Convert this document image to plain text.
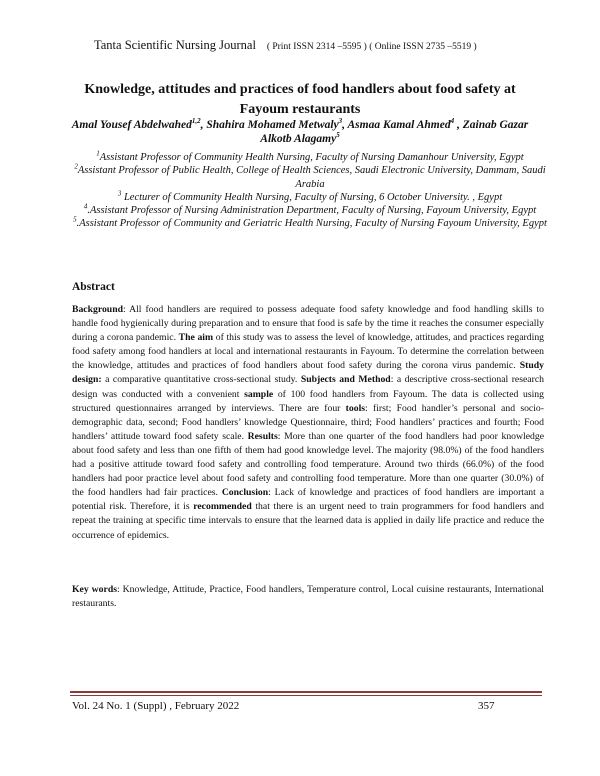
Tanta Scientific Nursing Journal ( Print ISSN 2314 –5595 ) ( Online ISSN 2735 –5519 )
Knowledge, attitudes and practices of food handlers about food safety at Fayoum restaurants
Amal Yousef Abdelwahed$^{1,2}$, Shahira Mohamed Metwaly$^3$, Asmaa Kamal Ahmed$^4$ , Zainab Gazar Alkotb Alagamy$^5$

$^1$Assistant Professor of Community Health Nursing, Faculty of Nursing Damanhour University, Egypt

$^2$Assistant Professor of Public Health, College of Health Sciences, Saudi Electronic University, Dammam, Saudi Arabia

$^3$ Lecturer of Community Health Nursing, Faculty of Nursing, 6 October University. , Egypt

$^4$.Assistant Professor of Nursing Administration Department, Faculty of Nursing, Fayoum University, Egypt

$^5$.Assistant Professor of Community and Geriatric Health Nursing, Faculty of Nursing Fayoum University, Egypt

Abstract

Background: All food handlers are required to possess adequate food safety knowledge and food handling skills to handle food hygienically during preparation and to ensure that food is safe by the time it reaches the consumer especially during a corona pandemic. The aim of this study was to assess the level of knowledge, attitudes, and practices regarding food safety among food handlers at local and international restaurants in Fayoum. To determine the correlation between the knowledge, attitudes and practices of food handlers about food safety during the corona virus pandemic. Study design: a comparative quantitative cross-sectional study. Subjects and Method: a descriptive cross-sectional research design was conducted with a convenient sample of 100 food handlers from Fayoum. The data is collected using structured questionnaires arranged by interviews. There are four tools: first; Food handler’s personal and socio-demographic data, second; Food handlers’ knowledge Questionnaire, third; Food handlers’ practices and fourth; Food handlers’ attitude toward food safety scale. Results: More than one quarter of the food handlers had poor knowledge about food safety and less than one fifth of them had good knowledge level. The majority (98.0%) of the food handlers had a positive attitude toward food safety and controlling food temperature. Around two thirds (66.0%) of the food handlers had poor practice level about food safety and controlling food temperature. More than one quarter (30.0%) of the food handlers had fair practices. Conclusion: Lack of knowledge and practices of food handlers are important a potential risk. Therefore, it is recommended that there is an urgent need to train programmers for food handlers and repeat the training at specific time intervals to ensure that the learned data is applied in daily life practice and reduce the occurrence of epidemics.

Key words: Knowledge, Attitude, Practice, Food handlers, Temperature control, Local cuisine restaurants, International restaurants.

Vol. 24 No. 1 (Suppl) , February 2022	357
